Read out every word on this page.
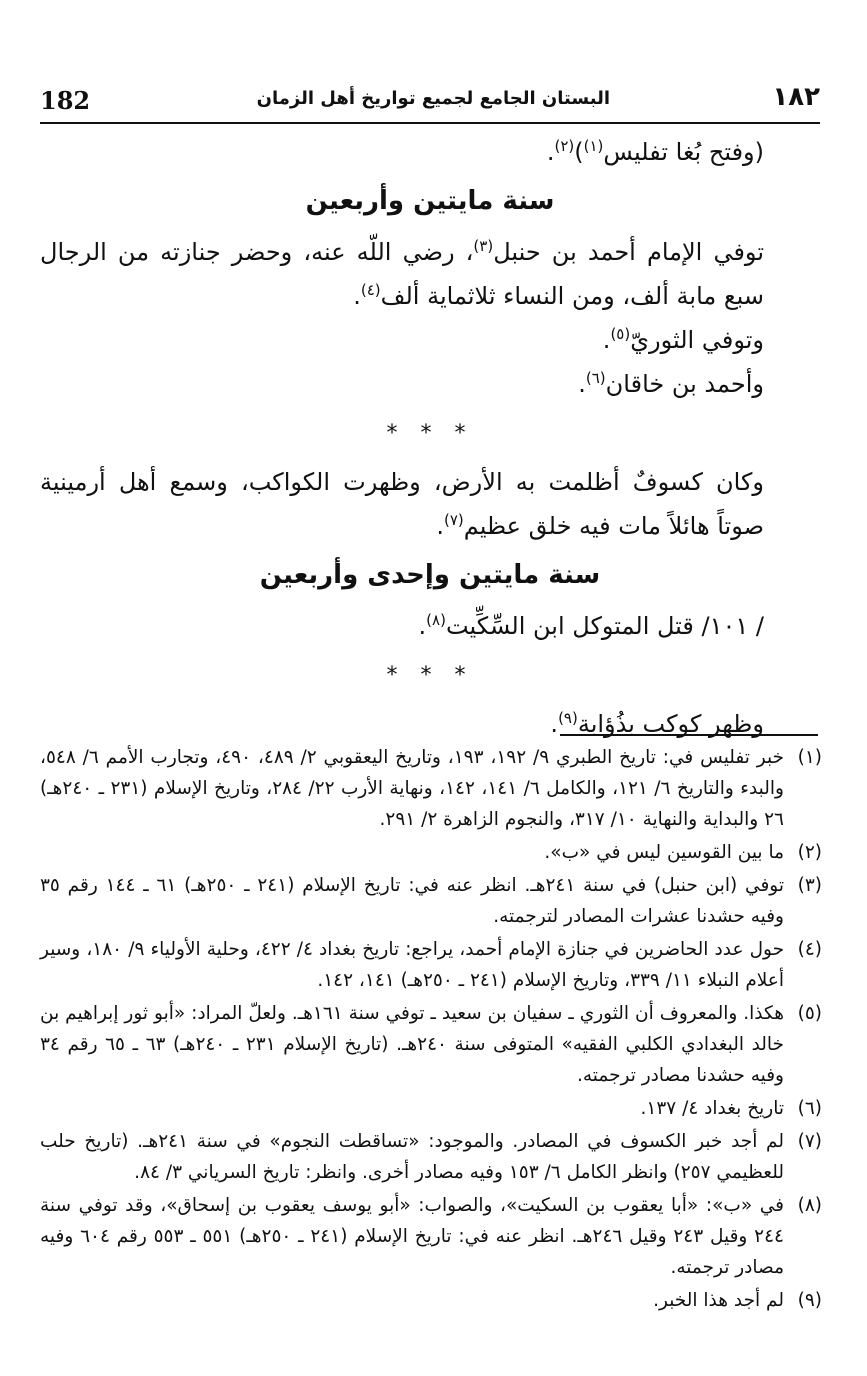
182	البستان الجامع لجميع تواريخ أهل الزمان	١٨٢

(وفتح بُغا تفليس$^{(١)}$)$^{(٢)}$.

سنة مايتين وأربعين

توفي الإمام أحمد بن حنبل$^{(٣)}$، رضي اللّه عنه، وحضر جنازته من الرجال سبع مابة ألف، ومن النساء ثلاثماية ألف$^{(٤)}$.

وتوفي الثوريّ$^{(٥)}$.

وأحمد بن خاقان$^{(٦)}$.

* * *

وكان كسوفٌ أظلمت به الأرض، وظهرت الكواكب، وسمع أهل أرمينية صوتاً هائلاً مات فيه خلق عظيم$^{(٧)}$.

سنة مايتين وإحدى وأربعين

/ ١٠١/ قتل المتوكل ابن السِّكِّيت$^{(٨)}$.

* * *

وظهر كوكب بذُؤابة$^{(٩)}$.

(١)
خبر تفليس في: تاريخ الطبري ٩/ ١٩٢، ١٩٣، وتاريخ اليعقوبي ٢/ ٤٨٩، ٤٩٠، وتجارب الأمم ٦/ ٥٤٨، والبدء والتاريخ ٦/ ١٢١، والكامل ٦/ ١٤١، ١٤٢، ونهاية الأرب ٢٢/ ٢٨٤، وتاريخ الإسلام (٢٣١ ـ ٢٤٠هـ) ٢٦ والبداية والنهاية ١٠/ ٣١٧، والنجوم الزاهرة ٢/ ٢٩١.

(٢)
ما بين القوسين ليس في «ب».

(٣)
توفي (ابن حنبل) في سنة ٢٤١هـ. انظر عنه في: تاريخ الإسلام (٢٤١ ـ ٢٥٠هـ) ٦١ ـ ١٤٤ رقم ٣٥ وفيه حشدنا عشرات المصادر لترجمته.

(٤)
حول عدد الحاضرين في جنازة الإمام أحمد، يراجع: تاريخ بغداد ٤/ ٤٢٢، وحلية الأولياء ٩/ ١٨٠، وسير أعلام النبلاء ١١/ ٣٣٩، وتاريخ الإسلام (٢٤١ ـ ٢٥٠هـ) ١٤١، ١٤٢.

(٥)
هكذا. والمعروف أن الثوري ـ سفيان بن سعيد ـ توفي سنة ١٦١هـ. ولعلّ المراد: «أبو ثور إبراهيم بن خالد البغدادي الكلبي الفقيه» المتوفى سنة ٢٤٠هـ. (تاريخ الإسلام ٢٣١ ـ ٢٤٠هـ) ٦٣ ـ ٦٥ رقم ٣٤ وفيه حشدنا مصادر ترجمته.

(٦)
تاريخ بغداد ٤/ ١٣٧.

(٧)
لم أجد خبر الكسوف في المصادر. والموجود: «تساقطت النجوم» في سنة ٢٤١هـ. (تاريخ حلب للعظيمي ٢٥٧) وانظر الكامل ٦/ ١٥٣ وفيه مصادر أخرى. وانظر: تاريخ السرياني ٣/ ٨٤.

(٨)
في «ب»: «أبا يعقوب بن السكيت»، والصواب: «أبو يوسف يعقوب بن إسحاق»، وقد توفي سنة ٢٤٤ وقيل ٢٤٣ وقيل ٢٤٦هـ. انظر عنه في: تاريخ الإسلام (٢٤١ ـ ٢٥٠هـ) ٥٥١ ـ ٥٥٣ رقم ٦٠٤ وفيه مصادر ترجمته.

(٩)
لم أجد هذا الخبر.
